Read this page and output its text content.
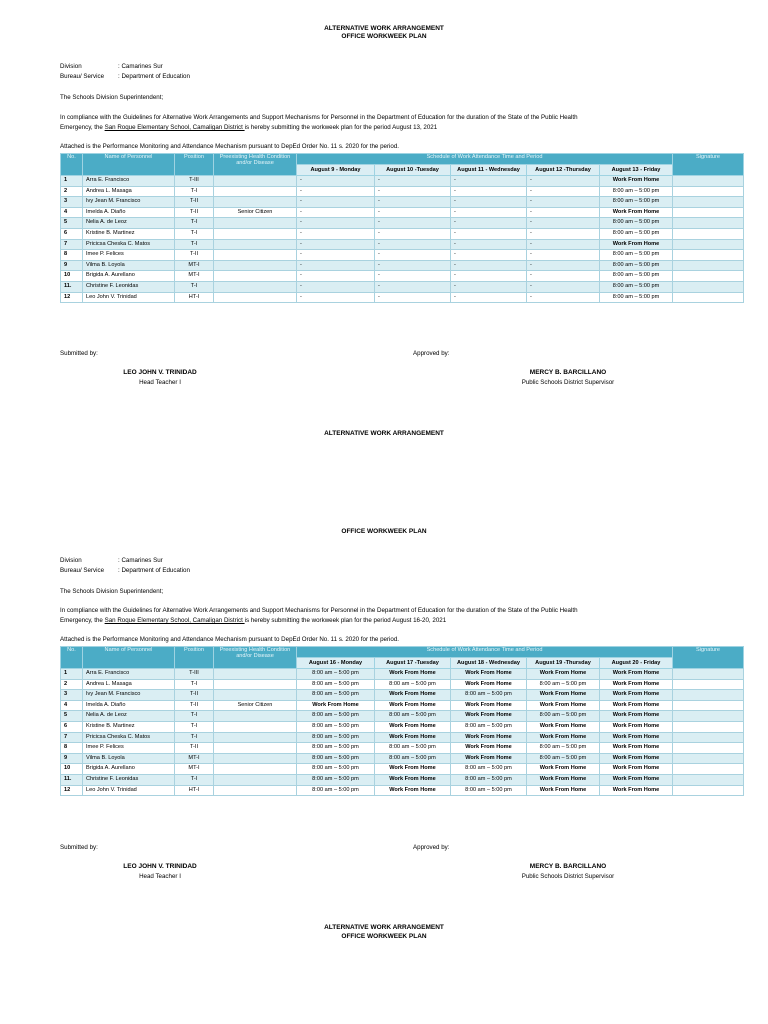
ALTERNATIVE WORK ARRANGEMENT
OFFICE WORKWEEK PLAN
Division	: Camarines Sur
Bureau/ Service : Department of Education
The Schools Division Superintendent;
In compliance with the Guidelines for Alternative Work Arrangements and Support Mechanisms for Personnel in the Department of Education for the duration of the State of the Public Health
Emergency, the San Roque Elementary School, Camaligan District is hereby submitting the workweek plan for the period August 13, 2021
Attached is the Performance Monitoring and Attendance Mechanism pursuant to DepEd Order No. 11 s. 2020 for the period.
No.	Name of Personnel	Position	Preexisting Health Condition and/or Disease	Schedule of Work Attendance Time and Period					Signature
				August 9 - Monday	August 10 -Tuesday	August 11 - Wednesday	August 12 -Thursday	August 13 - Friday	
1	Arra E. Francisco	T-III		-	-	-	-	Work From Home	
2	Andrea L. Masaga	T-I		-	-	-	-	8:00 am – 5:00 pm	
3	Ivy Jean M. Francisco	T-II		-	-	-	-	8:00 am – 5:00 pm	
4	Imelda A. Diaño	T-II	Senior Citizen	-	-	-	-	Work From Home	
5	Nelia A. de Leoz	T-I		-	-	-	-	8:00 am – 5:00 pm	
6	Kristine B. Martinez	T-I		-	-	-	-	8:00 am – 5:00 pm	
7	Pricicsa Cheska C. Matos	T-I		-	-	-	-	Work From Home	
8	Imee P. Felices	T-II		-	-	-	-	8:00 am – 5:00 pm	
9	Vilma B. Loyola	MT-I		-	-	-	-	8:00 am – 5:00 pm	
10	Brigida A. Aurellano	MT-I		-	-	-	-	8:00 am – 5:00 pm	
11.	Christine F. Leonidas	T-I		-	-	-	-	8:00 am – 5:00 pm	
12	Leo John V. Trinidad	HT-I		-	-	-	-	8:00 am – 5:00 pm	
Submitted by:	Approved by:
LEO JOHN V. TRINIDAD
Head Teacher I
MERCY B. BARCILLANO
Public Schools District Supervisor
ALTERNATIVE WORK ARRANGEMENT
OFFICE WORKWEEK PLAN
Division	: Camarines Sur
Bureau/ Service : Department of Education
The Schools Division Superintendent;
In compliance with the Guidelines for Alternative Work Arrangements and Support Mechanisms for Personnel in the Department of Education for the duration of the State of the Public Health
Emergency, the San Roque Elementary School, Camaligan District is hereby submitting the workweek plan for the period August 16-20, 2021
Attached is the Performance Monitoring and Attendance Mechanism pursuant to DepEd Order No. 11 s. 2020 for the period.
No.	Name of Personnel	Position	Preexisting Health Condition and/or Disease	Schedule of Work Attendance Time and Period					Signature
				August 16 - Monday	August 17 -Tuesday	August 18 - Wednesday	August 19 -Thursday	August 20 - Friday	
1	Arra E. Francisco	T-III		8:00 am – 5:00 pm	Work From Home	Work From Home	Work From Home	Work From Home	
2	Andrea L. Masaga	T-I		8:00 am – 5:00 pm	8:00 am – 5:00 pm	Work From Home	8:00 am – 5:00 pm	Work From Home	
3	Ivy Jean M. Francisco	T-II		8:00 am – 5:00 pm	Work From Home	8:00 am – 5:00 pm	Work From Home	Work From Home	
4	Imelda A. Diaño	T-II	Senior Citizen	Work From Home	Work From Home	Work From Home	Work From Home	Work From Home	
5	Nelia A. de Leoz	T-I		8:00 am – 5:00 pm	8:00 am – 5:00 pm	Work From Home	8:00 am – 5:00 pm	Work From Home	
6	Kristine B. Martinez	T-I		8:00 am – 5:00 pm	Work From Home	8:00 am – 5:00 pm	Work From Home	Work From Home	
7	Pricicsa Cheska C. Matos	T-I		8:00 am – 5:00 pm	Work From Home	Work From Home	Work From Home	Work From Home	
8	Imee P. Felices	T-II		8:00 am – 5:00 pm	8:00 am – 5:00 pm	Work From Home	8:00 am – 5:00 pm	Work From Home	
9	Vilma B. Loyola	MT-I		8:00 am – 5:00 pm	8:00 am – 5:00 pm	Work From Home	8:00 am – 5:00 pm	Work From Home	
10	Brigida A. Aurellano	MT-I		8:00 am – 5:00 pm	Work From Home	8:00 am – 5:00 pm	Work From Home	Work From Home	
11.	Christine F. Leonidas	T-I		8:00 am – 5:00 pm	Work From Home	8:00 am – 5:00 pm	Work From Home	Work From Home	
12	Leo John V. Trinidad	HT-I		8:00 am – 5:00 pm	Work From Home	8:00 am – 5:00 pm	Work From Home	Work From Home	
Submitted by:	Approved by:
LEO JOHN V. TRINIDAD
Head Teacher I
MERCY B. BARCILLANO
Public Schools District Supervisor
ALTERNATIVE WORK ARRANGEMENT
OFFICE WORKWEEK PLAN
